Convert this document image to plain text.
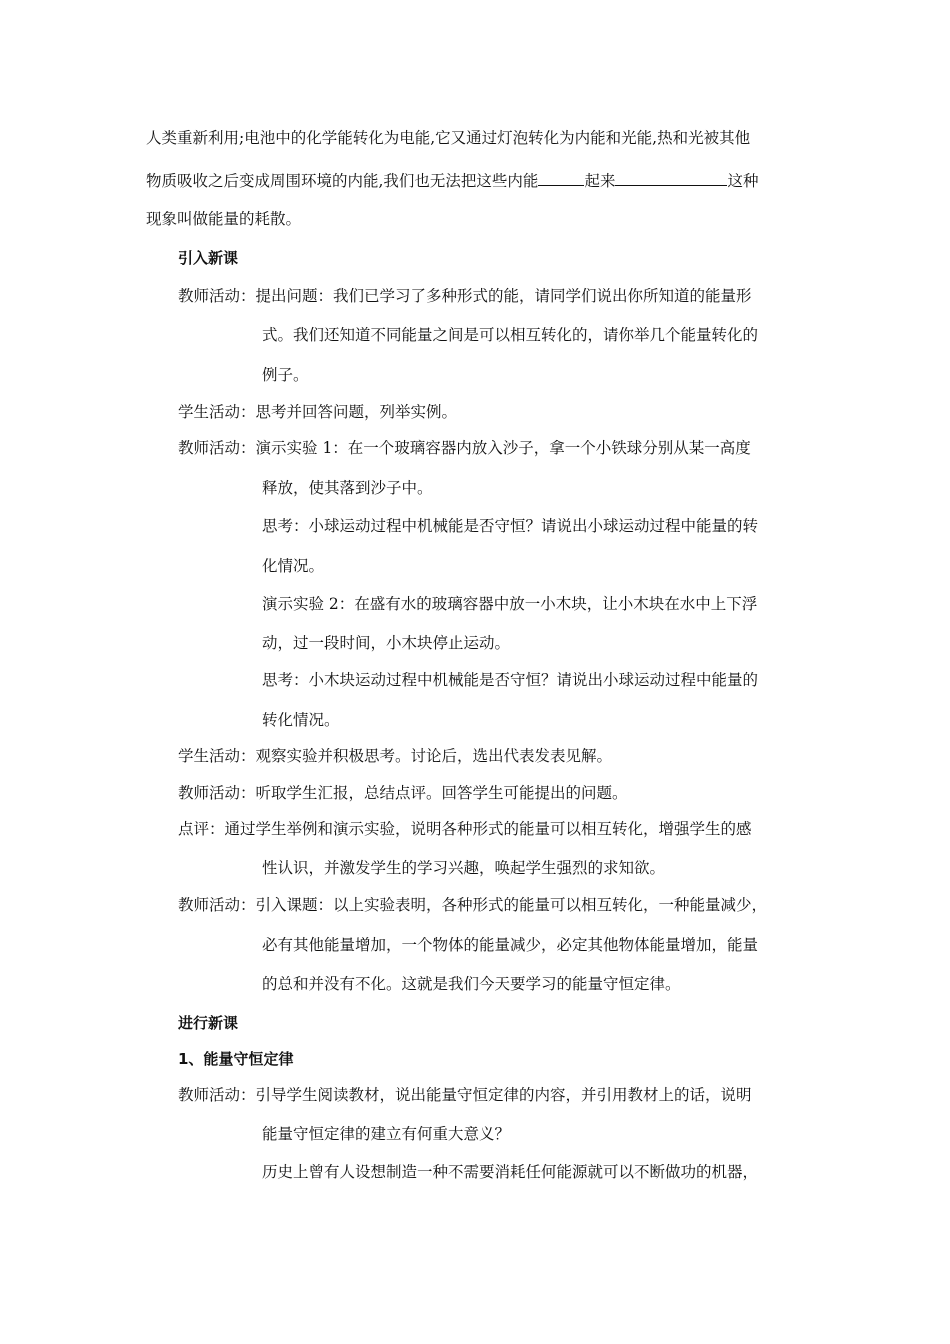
人类重新利用;电池中的化学能转化为电能,它又通过灯泡转化为内能和光能,热和光被其他
物质吸收之后变成周围环境的内能,我们也无法把这些内能	起来	这种
现象叫做能量的耗散。
引入新课
教师活动：提出问题：我们已学习了多种形式的能，请同学们说出你所知道的能量形
式。我们还知道不同能量之间是可以相互转化的，请你举几个能量转化的
例子。
学生活动：思考并回答问题，列举实例。
教师活动：演示实验 1：在一个玻璃容器内放入沙子，拿一个小铁球分别从某一高度
释放，使其落到沙子中。
思考：小球运动过程中机械能是否守恒？请说出小球运动过程中能量的转
化情况。
演示实验 2：在盛有水的玻璃容器中放一小木块，让小木块在水中上下浮
动，过一段时间，小木块停止运动。
思考：小木块运动过程中机械能是否守恒？请说出小球运动过程中能量的
转化情况。
学生活动：观察实验并积极思考。讨论后，选出代表发表见解。
教师活动：听取学生汇报，总结点评。回答学生可能提出的问题。
点评：通过学生举例和演示实验，说明各种形式的能量可以相互转化，增强学生的感
性认识，并激发学生的学习兴趣，唤起学生强烈的求知欲。
教师活动：引入课题：以上实验表明，各种形式的能量可以相互转化，一种能量减少，
必有其他能量增加，一个物体的能量减少，必定其他物体能量增加，能量
的总和并没有不化。这就是我们今天要学习的能量守恒定律。
进行新课
1、能量守恒定律
教师活动：引导学生阅读教材，说出能量守恒定律的内容，并引用教材上的话，说明
能量守恒定律的建立有何重大意义？
历史上曾有人设想制造一种不需要消耗任何能源就可以不断做功的机器，
